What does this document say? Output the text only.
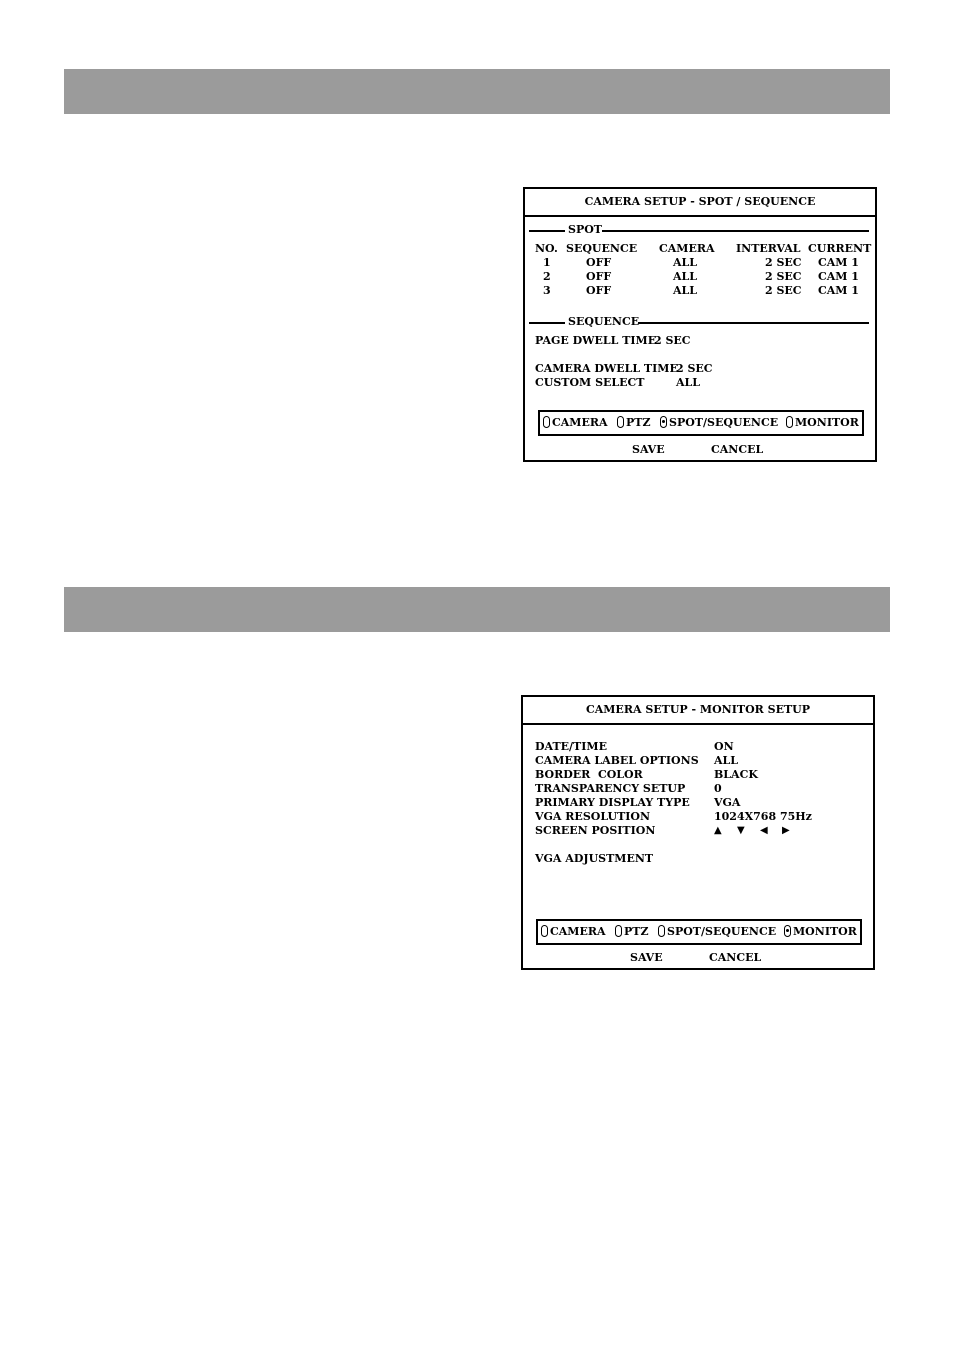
CAMERA SETUP - SPOT / SEQUENCE
SPOT
NO. SEQUENCE CAMERA INTERVAL CURRENT
1	OFF	ALL	2 SEC CAM 1
2	OFF	ALL	2 SEC CAM 1
3	OFF	ALL	2 SEC CAM 1
SEQUENCE
PAGE DWELL TIME
2 SEC
CAMERA DWELL TIME
2 SEC
CUSTOM SELECT	ALL
CAMERA	PTZ	SPOT/SEQUENCE	MONITOR
SAVE	CANCEL
CAMERA SETUP - MONITOR SETUP
DATE/TIME	ON
CAMERA LABEL OPTIONS ALL
BORDER  COLOR	BLACK
TRANSPARENCY SETUP	0
PRIMARY DISPLAY TYPE VGA
VGA RESOLUTION	1024X768 75Hz
SCREEN POSITION	▲ ▼ ◀ ▶
VGA ADJUSTMENT
CAMERA	PTZ	SPOT/SEQUENCE	MONITOR
SAVE	CANCEL
